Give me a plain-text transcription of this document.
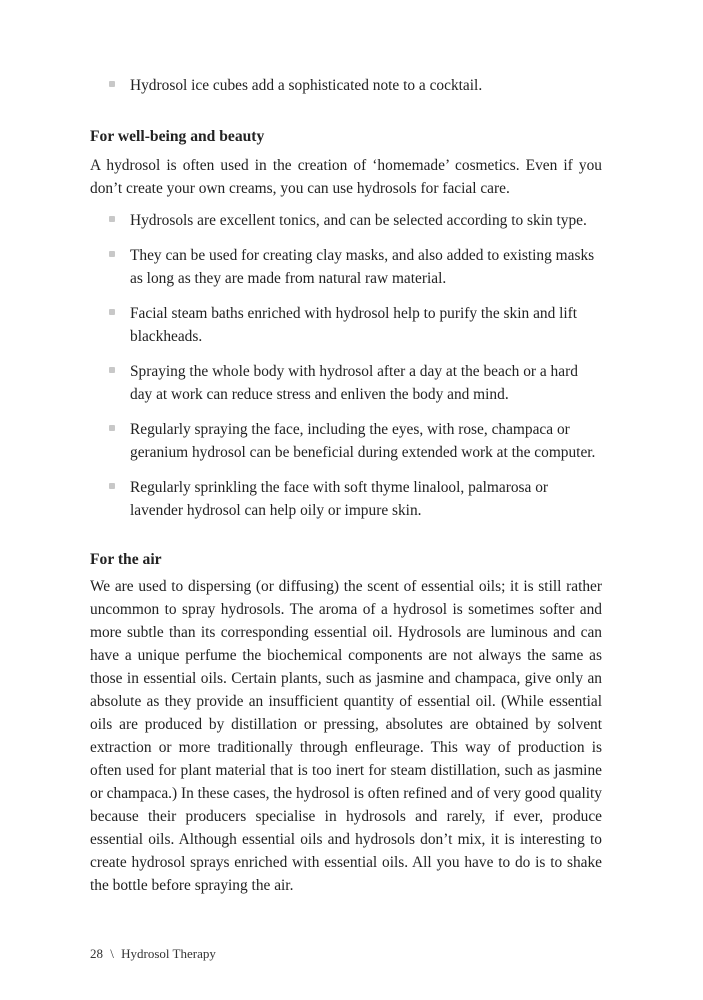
Hydrosol ice cubes add a sophisticated note to a cocktail.
For well-being and beauty

A hydrosol is often used in the creation of ‘homemade’ cosmetics. Even if you don’t create your own creams, you can use hydrosols for facial care.

Hydrosols are excellent tonics, and can be selected according to skin type.
They can be used for creating clay masks, and also added to existing masks as long as they are made from natural raw material.
Facial steam baths enriched with hydrosol help to purify the skin and lift blackheads.
Spraying the whole body with hydrosol after a day at the beach or a hard day at work can reduce stress and enliven the body and mind.
Regularly spraying the face, including the eyes, with rose, champaca or geranium hydrosol can be beneficial during extended work at the computer.
Regularly sprinkling the face with soft thyme linalool, palmarosa or lavender hydrosol can help oily or impure skin.
For the air

We are used to dispersing (or diffusing) the scent of essential oils; it is still rather uncommon to spray hydrosols. The aroma of a hydrosol is sometimes softer and more subtle than its corresponding essential oil. Hydrosols are luminous and can have a unique perfume the biochemical components are not always the same as those in essential oils. Certain plants, such as jasmine and champaca, give only an absolute as they provide an insufficient quantity of essential oil. (While essential oils are produced by distillation or pressing, absolutes are obtained by solvent extraction or more traditionally through enfleurage. This way of production is often used for plant material that is too inert for steam distillation, such as jasmine or champaca.) In these cases, the hydrosol is often refined and of very good quality because their producers specialise in hydrosols and rarely, if ever, produce essential oils. Although essential oils and hydrosols don’t mix, it is interesting to create hydrosol sprays enriched with essential oils. All you have to do is to shake the bottle before spraying the air.

28 \ Hydrosol Therapy
